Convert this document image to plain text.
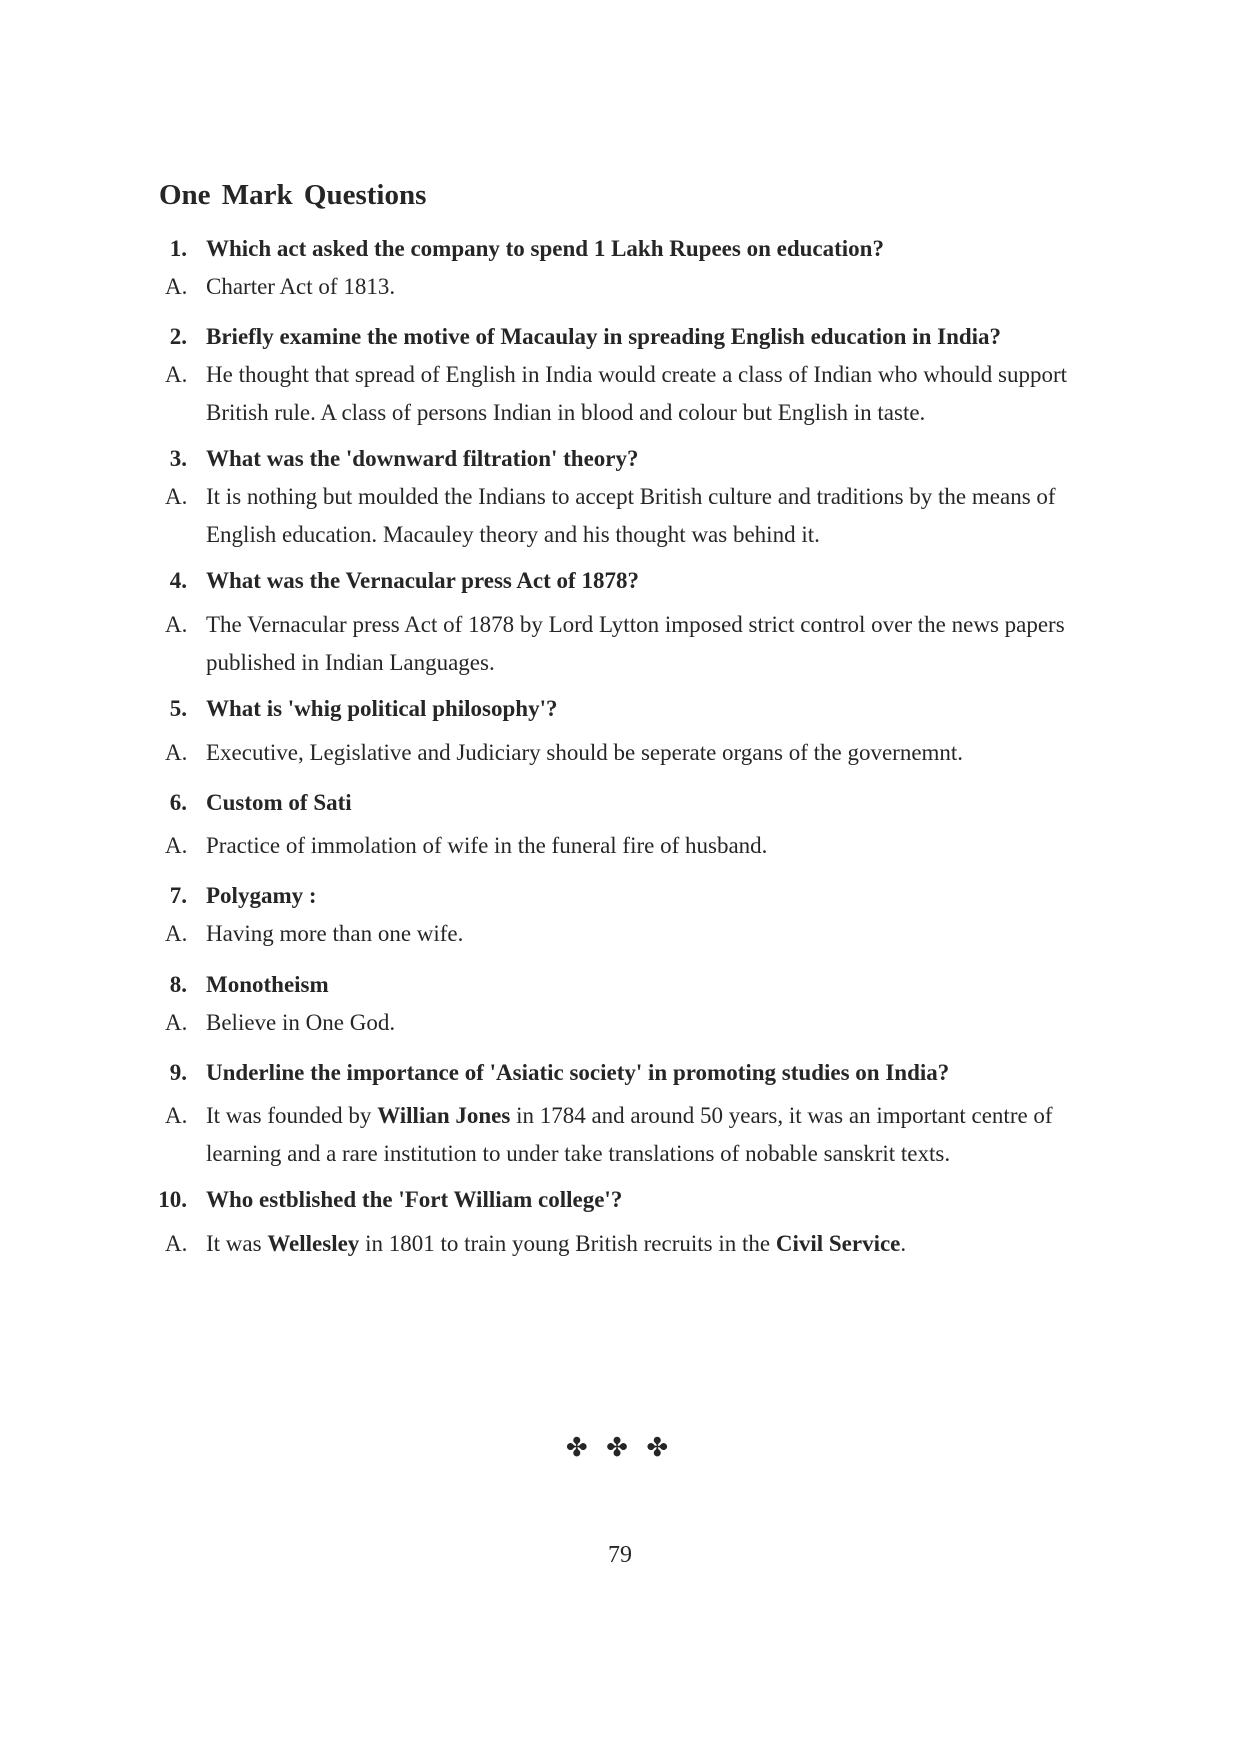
One Mark Questions
1. Which act asked the company to spend 1 Lakh Rupees on education?
A. Charter Act of 1813.
2. Briefly examine the motive of Macaulay in spreading English education in India?
A. He thought that spread of English in India would create a class of Indian who whould support British rule. A class of persons Indian in blood and colour but English in taste.
3. What was the 'downward filtration' theory?
A. It is nothing but moulded the Indians to accept British culture and traditions by the means of English education. Macauley theory and his thought was behind it.
4. What was the Vernacular press Act of 1878?
A. The Vernacular press Act of 1878 by Lord Lytton imposed strict control over the news papers published in Indian Languages.
5. What is 'whig political philosophy'?
A. Executive, Legislative and Judiciary should be seperate organs of the governemnt.
6. Custom of Sati
A. Practice of immolation of wife in the funeral fire of husband.
7. Polygamy :
A. Having more than one wife.
8. Monotheism
A. Believe in One God.
9. Underline the importance of 'Asiatic society' in promoting studies on India?
A. It was founded by Willian Jones in 1784 and around 50 years, it was an important centre of learning and a rare institution to under take translations of nobable sanskrit texts.
10. Who estblished the 'Fort William college'?
A. It was Wellesley in 1801 to train young British recruits in the Civil Service.
✤ ✤ ✤
79
